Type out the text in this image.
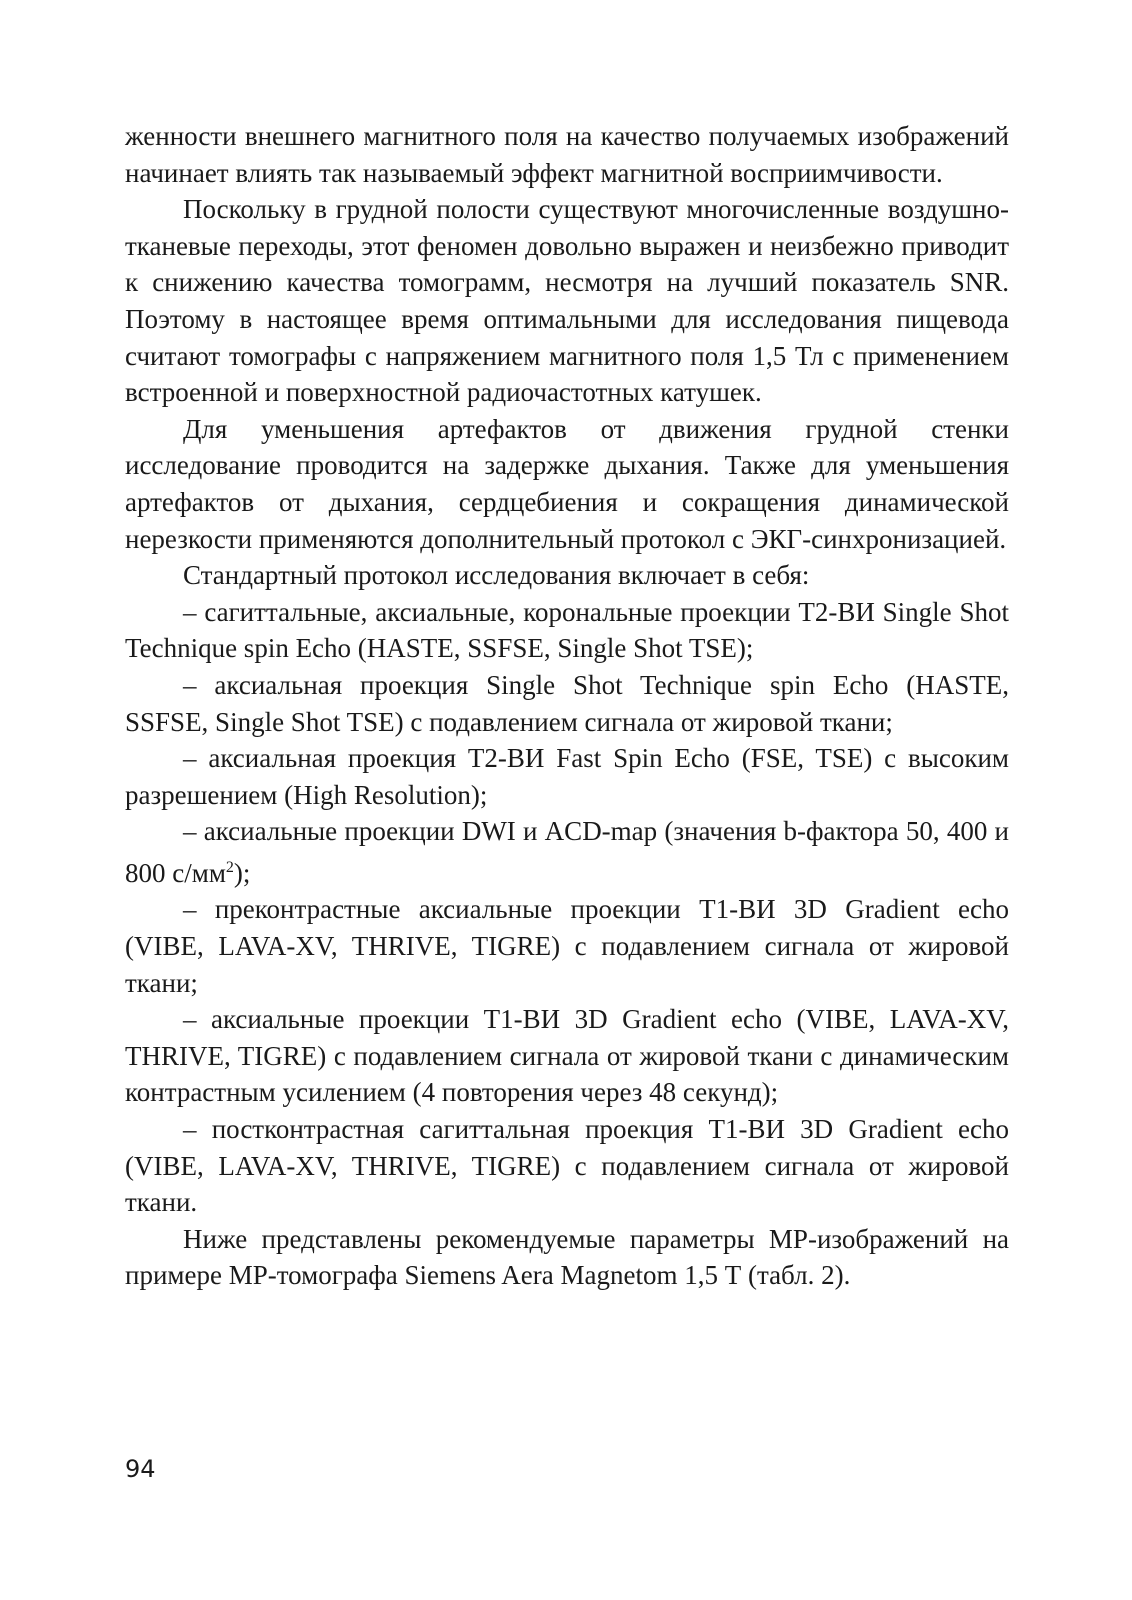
женности внешнего магнитного поля на качество получаемых изображений начинает влиять так называемый эффект магнитной восприимчивости.

Поскольку в грудной полости существуют многочисленные воздушно-тканевые переходы, этот феномен довольно выражен и неизбежно приводит к снижению качества томограмм, несмотря на лучший показатель SNR. Поэтому в настоящее время оптимальными для исследования пищевода считают томографы с напряжением магнитного поля 1,5 Тл с применением встроенной и поверхностной радиочастотных катушек.

Для уменьшения артефактов от движения грудной стенки исследование проводится на задержке дыхания. Также для уменьшения артефактов от дыхания, сердцебиения и сокращения динамической нерезкости применяются дополнительный протокол с ЭКГ-синхронизацией.

Стандартный протокол исследования включает в себя:

– сагиттальные, аксиальные, корональные проекции Т2-ВИ Single Shot Technique spin Echo (HASTE, SSFSE, Single Shot TSE);

– аксиальная проекция Single Shot Technique spin Echo (HASTE, SSFSE, Single Shot TSE) с подавлением сигнала от жировой ткани;

– аксиальная проекция Т2-ВИ Fast Spin Echo (FSE, TSE) с высоким разрешением (High Resolution);

– аксиальные проекции DWI и ACD-map (значения b-фактора 50, 400 и 800 $с/мм^2$);

– преконтрастные аксиальные проекции Т1-ВИ 3D Gradient echo (VIBE, LAVA-XV, THRIVE, TIGRE) с подавлением сигнала от жировой ткани;

– аксиальные проекции Т1-ВИ 3D Gradient echo (VIBE, LAVA-XV, THRIVE, TIGRE) с подавлением сигнала от жировой ткани с динамическим контрастным усилением (4 повторения через 48 секунд);

– постконтрастная сагиттальная проекция Т1-ВИ 3D Gradient echo (VIBE, LAVA-XV, THRIVE, TIGRE) с подавлением сигнала от жировой ткани.

Ниже представлены рекомендуемые параметры МР-изображений на примере МР-томографа Siemens Aera Magnetom 1,5 Т (табл. 2).

94
